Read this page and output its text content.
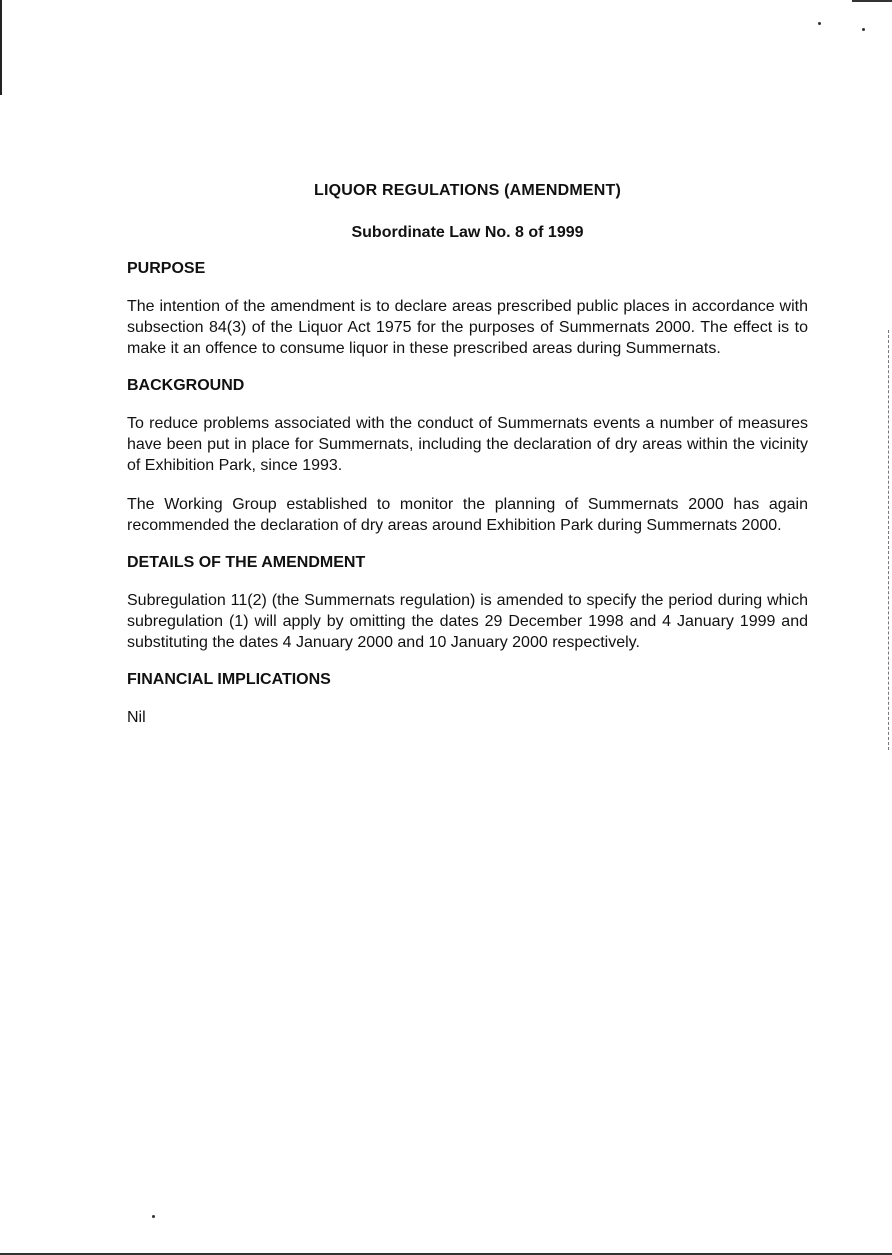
LIQUOR REGULATIONS (AMENDMENT)
Subordinate Law No. 8 of 1999
PURPOSE

The intention of the amendment is to declare areas prescribed public places in accordance with subsection 84(3) of the Liquor Act 1975 for the purposes of Summernats 2000. The effect is to make it an offence to consume liquor in these prescribed areas during Summernats.

BACKGROUND

To reduce problems associated with the conduct of Summernats events a number of measures have been put in place for Summernats, including the declaration of dry areas within the vicinity of Exhibition Park, since 1993.

The Working Group established to monitor the planning of Summernats 2000 has again recommended the declaration of dry areas around Exhibition Park during Summernats 2000.

DETAILS OF THE AMENDMENT

Subregulation 11(2) (the Summernats regulation) is amended to specify the period during which subregulation (1) will apply by omitting the dates 29 December 1998 and 4 January 1999 and substituting the dates 4 January 2000 and 10 January 2000 respectively.

FINANCIAL IMPLICATIONS

Nil
